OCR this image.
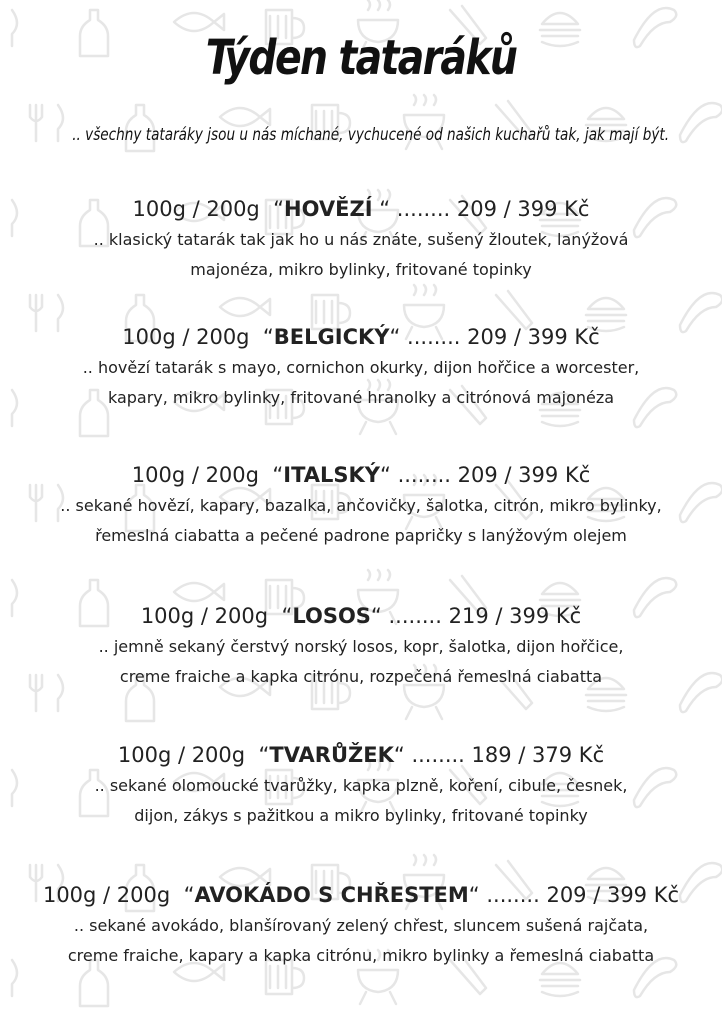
Týden tataráků
.. všechny tataráky jsou u nás míchané, vychucené od našich kuchařů tak, jak mají být.
100g / 200g “HOVĚZÍ “ ........ 209 / 399 Kč
.. klasický tatarák tak jak ho u nás znáte, sušený žloutek, lanýžová
majonéza, mikro bylinky, fritované topinky
100g / 200g “BELGICKÝ“ ........ 209 / 399 Kč
.. hovězí tatarák s mayo, cornichon okurky, dijon hořčice a worcester,
kapary, mikro bylinky, fritované hranolky a citrónová majonéza
100g / 200g “ITALSKÝ“ ........ 209 / 399 Kč
.. sekané hovězí, kapary, bazalka, ančovičky, šalotka, citrón, mikro bylinky,
řemeslná ciabatta a pečené padrone papričky s lanýžovým olejem
100g / 200g “LOSOS“ ........ 219 / 399 Kč
.. jemně sekaný čerstvý norský losos, kopr, šalotka, dijon hořčice,
creme fraiche a kapka citrónu, rozpečená řemeslná ciabatta
100g / 200g “TVARŮŽEK“ ........ 189 / 379 Kč
.. sekané olomoucké tvarůžky, kapka plzně, koření, cibule, česnek,
dijon, zákys s pažitkou a mikro bylinky, fritované topinky
100g / 200g “AVOKÁDO S CHŘESTEM“ ........ 209 / 399 Kč
.. sekané avokádo, blanšírovaný zelený chřest, sluncem sušená rajčata,
creme fraiche, kapary a kapka citrónu, mikro bylinky a řemeslná ciabatta
